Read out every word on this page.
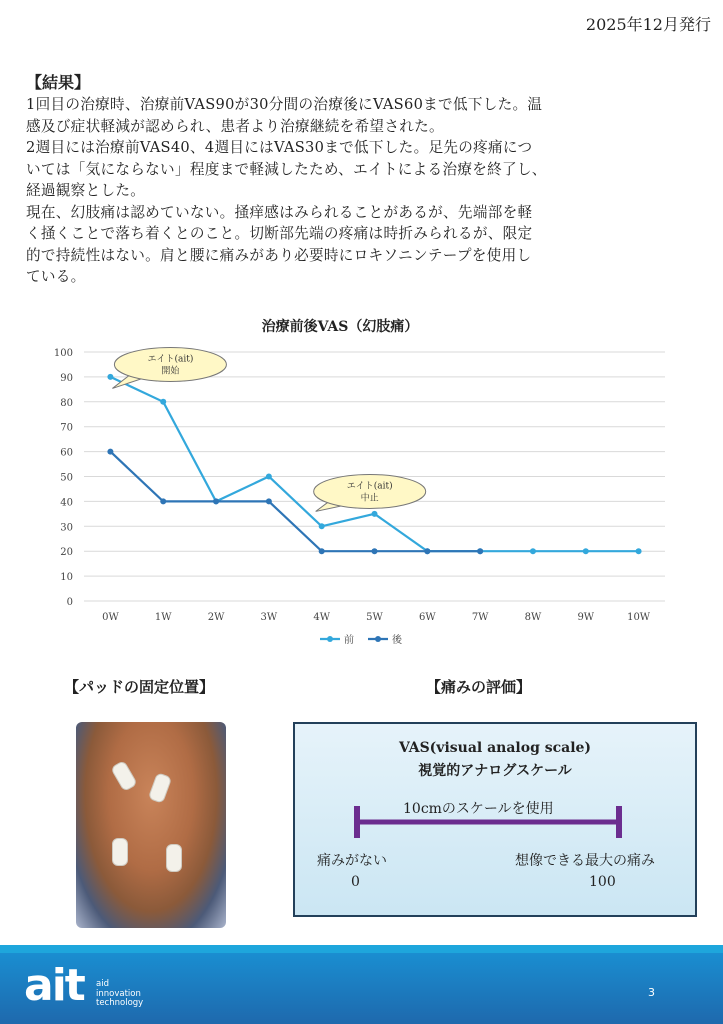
2025年12月発行
【結果】

1回目の治療時、治療前VAS90が30分間の治療後にVAS60まで低下した。温

感及び症状軽減が認められ、患者より治療継続を希望された。

2週目には治療前VAS40、4週目にはVAS30まで低下した。足先の疼痛につ

いては「気にならない」程度まで軽減したため、エイトによる治療を終了し、

経過観察とした。

現在、幻肢痛は認めていない。掻痒感はみられることがあるが、先端部を軽

く掻くことで落ち着くとのこと。切断部先端の疼痛は時折みられるが、限定

的で持続性はない。肩と腰に痛みがあり必要時にロキソニンテープを使用し

ている。

治療前後VAS（幻肢痛）
0
10
20
30
40
50
60
70
80
90
100
0W	1W	2W	3W	4W	5W	6W	7W	8W	9W	10W
エイト(ait)
開始
エイト(ait)
中止
前	後
【パッドの固定位置】	【痛みの評価】
VAS(visual analog scale)
視覚的アナログスケール
10cmのスケールを使用
痛みがない
0
想像できる最大の痛み
100
ait aid
innovation
technology
3
